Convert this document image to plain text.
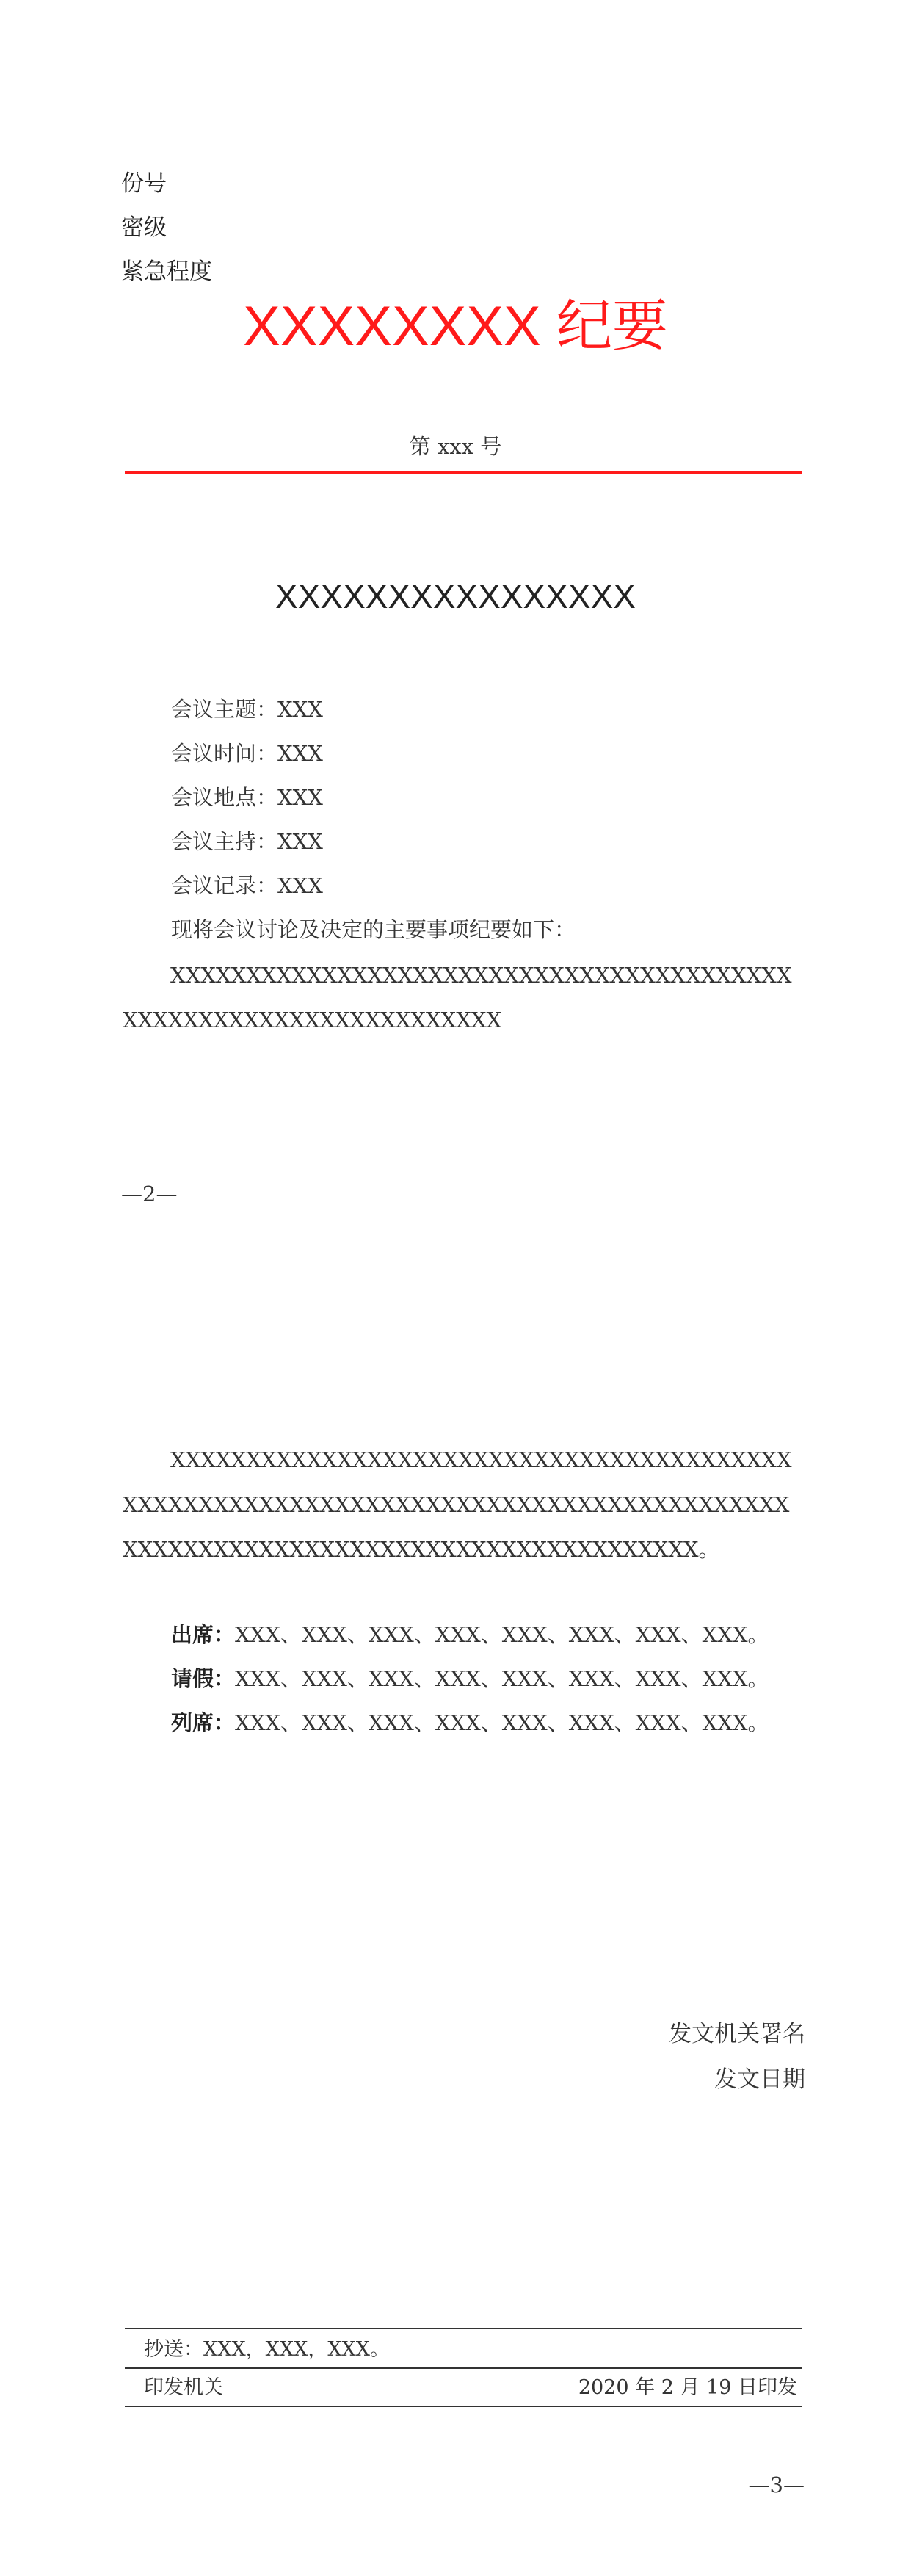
份号
密级
紧急程度
XXXXXXXX 纪要
第 xxx 号
XXXXXXXXXXXXXXXX
会议主题：XXX
会议时间：XXX
会议地点：XXX
会议主持：XXX
会议记录：XXX
现将会议讨论及决定的主要事项纪要如下：
XXXXXXXXXXXXXXXXXXXXXXXXXXXXXXXXXXXXXXXXXXXXXXXXXXXXXXXXXXXXXXXXXX
—2—
XXXXXXXXXXXXXXXXXXXXXXXXXXXXXXXXXXXXXXXXXXXXXXXXXXXXXXXXXXXXXXXXXXXXXXXXXXXXXXXXXXXXXXXXXXXXXXXXXXXXXXXXXXXXXXXXXXXXXXXXXXX。
出席：XXX、XXX、XXX、XXX、XXX、XXX、XXX、XXX。
请假：XXX、XXX、XXX、XXX、XXX、XXX、XXX、XXX。
列席：XXX、XXX、XXX、XXX、XXX、XXX、XXX、XXX。
发文机关署名
发文日期
抄送：XXX，XXX，XXX。
印发机关	2020 年 2 月 19 日印发
—3—
